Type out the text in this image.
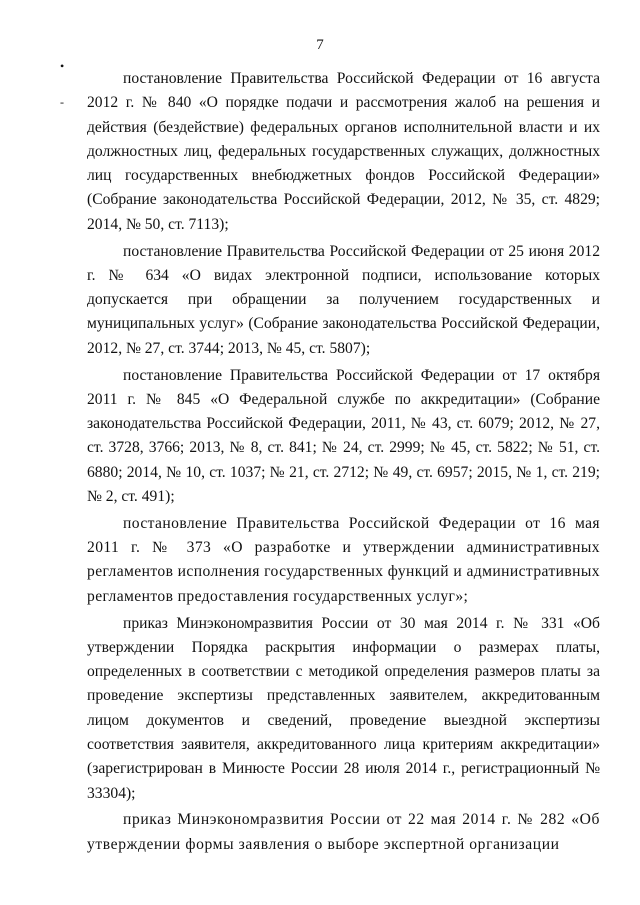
7
•
-

постановление Правительства Российской Федерации от 16 августа 2012 г. № 840 «О порядке подачи и рассмотрения жалоб на решения и действия (бездействие) федеральных органов исполнительной власти и их должностных лиц, федеральных государственных служащих, должностных лиц государственных внебюджетных фондов Российской Федерации» (Собрание законодательства Российской Федерации, 2012, № 35, ст. 4829; 2014, № 50, ст. 7113);

постановление Правительства Российской Федерации от 25 июня 2012 г. № 634 «О видах электронной подписи, использование которых допускается при обращении за получением государственных и муниципальных услуг» (Собрание законодательства Российской Федерации, 2012, № 27, ст. 3744; 2013, № 45, ст. 5807);

постановление Правительства Российской Федерации от 17 октября 2011 г. № 845 «О Федеральной службе по аккредитации» (Собрание законодательства Российской Федерации, 2011, № 43, ст. 6079; 2012, № 27, ст. 3728, 3766; 2013, № 8, ст. 841; № 24, ст. 2999; № 45, ст. 5822; № 51, ст. 6880; 2014, № 10, ст. 1037; № 21, ст. 2712; № 49, ст. 6957; 2015, № 1, ст. 219; № 2, ст. 491);

постановление Правительства Российской Федерации от 16 мая 2011 г. № 373 «О разработке и утверждении административных регламентов исполнения государственных функций и административных регламентов предоставления государственных услуг»;

приказ Минэкономразвития России от 30 мая 2014 г. № 331 «Об утверждении Порядка раскрытия информации о размерах платы, определенных в соответствии с методикой определения размеров платы за проведение экспертизы представленных заявителем, аккредитованным лицом документов и сведений, проведение выездной экспертизы соответствия заявителя, аккредитованного лица критериям аккредитации» (зарегистрирован в Минюсте России 28 июля 2014 г., регистрационный № 33304);

приказ Минэкономразвития России от 22 мая 2014 г. № 282 «Об утверждении формы заявления о выборе экспертной организации
